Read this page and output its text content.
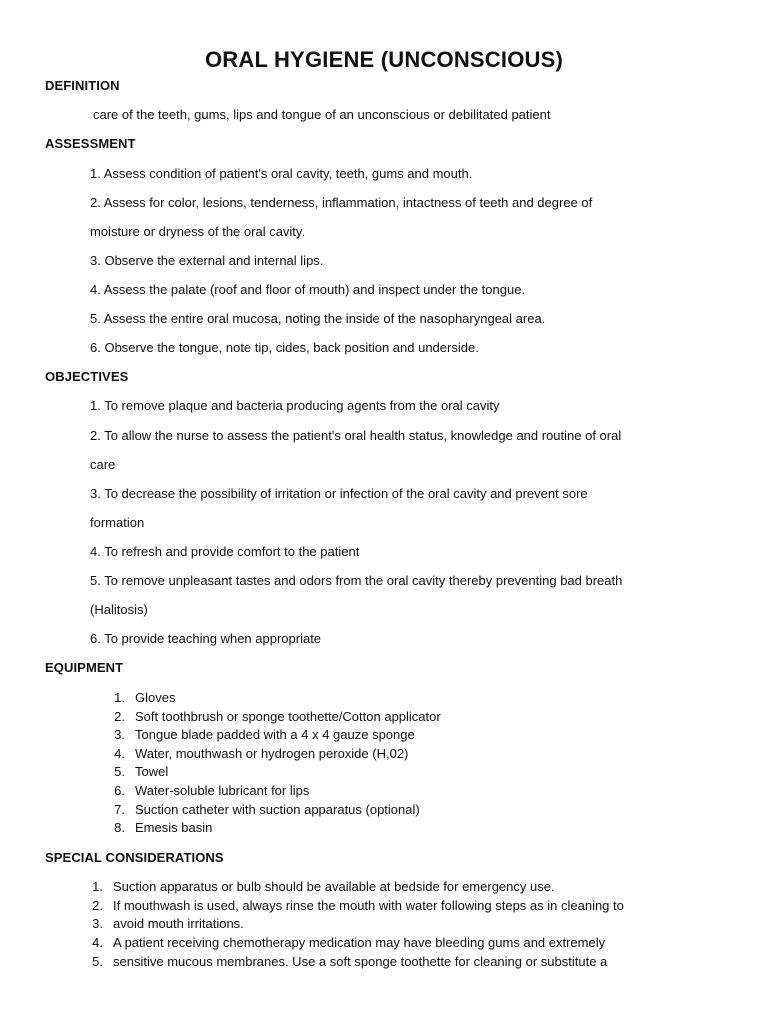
ORAL HYGIENE (UNCONSCIOUS)
DEFINITION
care of the teeth, gums, lips and tongue of an unconscious or debilitated patient
ASSESSMENT
1. Assess condition of patient's oral cavity, teeth, gums and mouth.
2. Assess for color, lesions, tenderness, inflammation, intactness of teeth and degree of
moisture or dryness of the oral cavity.
3. Observe the external and internal lips.
4. Assess the palate (roof and floor of mouth) and inspect under the tongue.
5. Assess the entire oral mucosa, noting the inside of the nasopharyngeal area.
6. Observe the tongue, note tip, cides, back position and underside.
OBJECTIVES
1. To remove plaque and bacteria producing agents from the oral cavity
2. To allow the nurse to assess the patient's oral health status, knowledge and routine of oral
care
3. To decrease the possibility of irritation or infection of the oral cavity and prevent sore
formation
4. To refresh and provide comfort to the patient
5. To remove unpleasant tastes and odors from the oral cavity thereby preventing bad breath
(Halitosis)
6. To provide teaching when appropriate
EQUIPMENT
1. Gloves
2. Soft toothbrush or sponge toothette/Cotton applicator
3. Tongue blade padded with a 4 x 4 gauze sponge
4. Water, mouthwash or hydrogen peroxide (H,02)
5. Towel
6. Water-soluble lubricant for lips
7. Suction catheter with suction apparatus (optional)
8. Emesis basin
SPECIAL CONSIDERATIONS
1. Suction apparatus or bulb should be available at bedside for emergency use.
2. If mouthwash is used, always rinse the mouth with water following steps as in cleaning to
3. avoid mouth irritations.
4. A patient receiving chemotherapy medication may have bleeding gums and extremely
5. sensitive mucous membranes. Use a soft sponge toothette for cleaning or substitute a
